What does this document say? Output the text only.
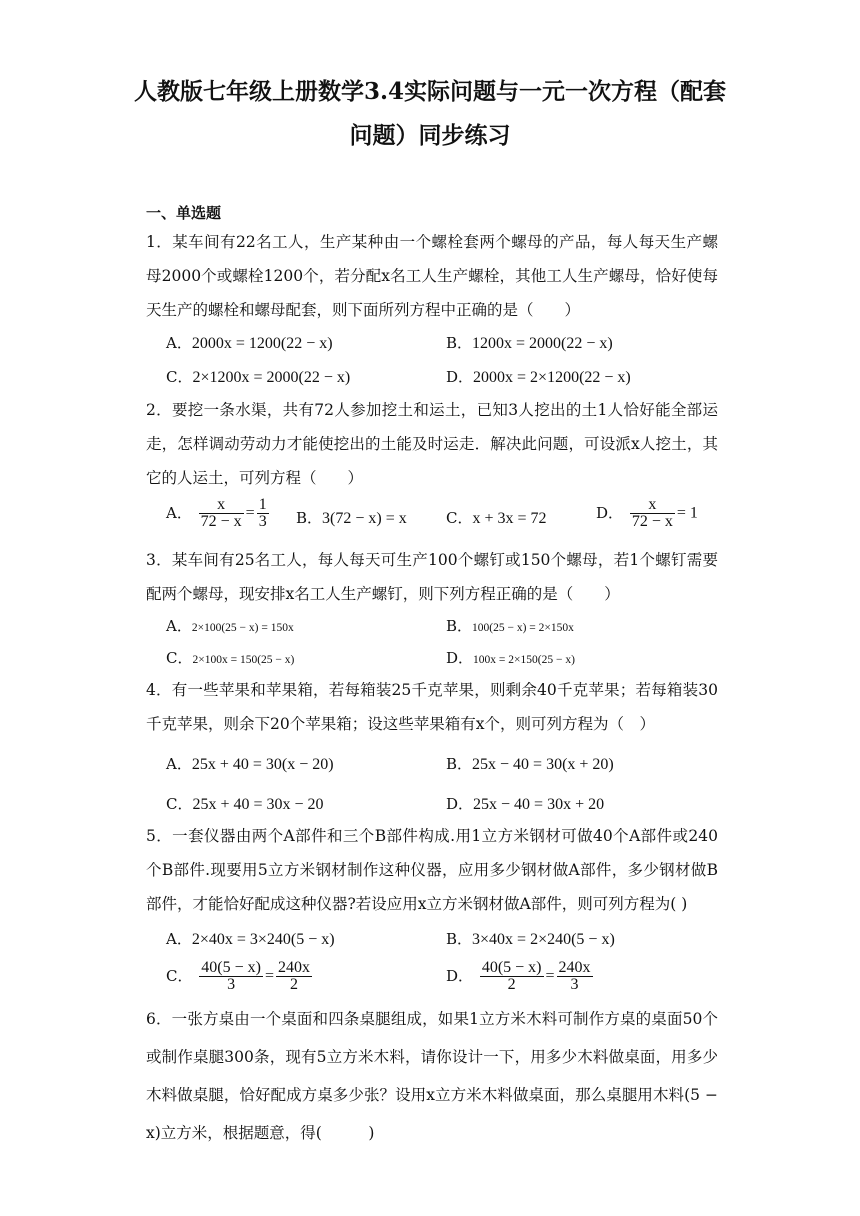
人教版七年级上册数学3.4实际问题与一元一次方程（配套
问题）同步练习
一、单选题
1．某车间有22名工人，生产某种由一个螺栓套两个螺母的产品，每人每天生产螺母2000个或螺栓1200个，若分配x名工人生产螺栓，其他工人生产螺母，恰好使每天生产的螺栓和螺母配套，则下面所列方程中正确的是（　　）
A．2000x = 1200(22 − x)	B．1200x = 2000(22 − x)
C．2×1200x = 2000(22 − x)	D．2000x = 2×1200(22 − x)
2．要挖一条水渠，共有72人参加挖土和运土，已知3人挖出的土1人恰好能全部运走，怎样调动劳动力才能使挖出的土能及时运走．解决此问题，可设派x人挖土，其它的人运土，可列方程（　　）
A． $\frac{x}{72 - x} = \frac{1}{3}$ B．3(72 − x) = x	C．x + 3x = 72	D． $\frac{x}{72 - x} = 1$
3．某车间有25名工人，每人每天可生产100个螺钉或150个螺母，若1个螺钉需要配两个螺母，现安排x名工人生产螺钉，则下列方程正确的是（　　）
A．2×100(25 − x) = 150x	B．100(25 − x) = 2×150x
C．2×100x = 150(25 − x)	D．100x = 2×150(25 − x)
4．有一些苹果和苹果箱，若每箱装25千克苹果，则剩余40千克苹果；若每箱装30千克苹果，则余下20个苹果箱；设这些苹果箱有x个，则可列方程为（　）
A．25x + 40 = 30(x − 20)	B．25x − 40 = 30(x + 20)
C．25x + 40 = 30x − 20	D．25x − 40 = 30x + 20
5．一套仪器由两个A部件和三个B部件构成.用1立方米钢材可做40个A部件或240个B部件.现要用5立方米钢材制作这种仪器，应用多少钢材做A部件，多少钢材做B部件，才能恰好配成这种仪器?若设应用x立方米钢材做A部件，则可列方程为( )
A．2×40x = 3×240(5 − x)	B．3×40x = 2×240(5 − x)
C． $\frac{40(5 - x)}{3} = \frac{240x}{2}$	D． $\frac{40(5 - x)}{2} = \frac{240x}{3}$
6．一张方桌由一个桌面和四条桌腿组成，如果1立方米木料可制作方桌的桌面50个或制作桌腿300条，现有5立方米木料，请你设计一下，用多少木料做桌面，用多少木料做桌腿，恰好配成方桌多少张？设用x立方米木料做桌面，那么桌腿用木料(5 − x)立方米，根据题意，得(　　　)
